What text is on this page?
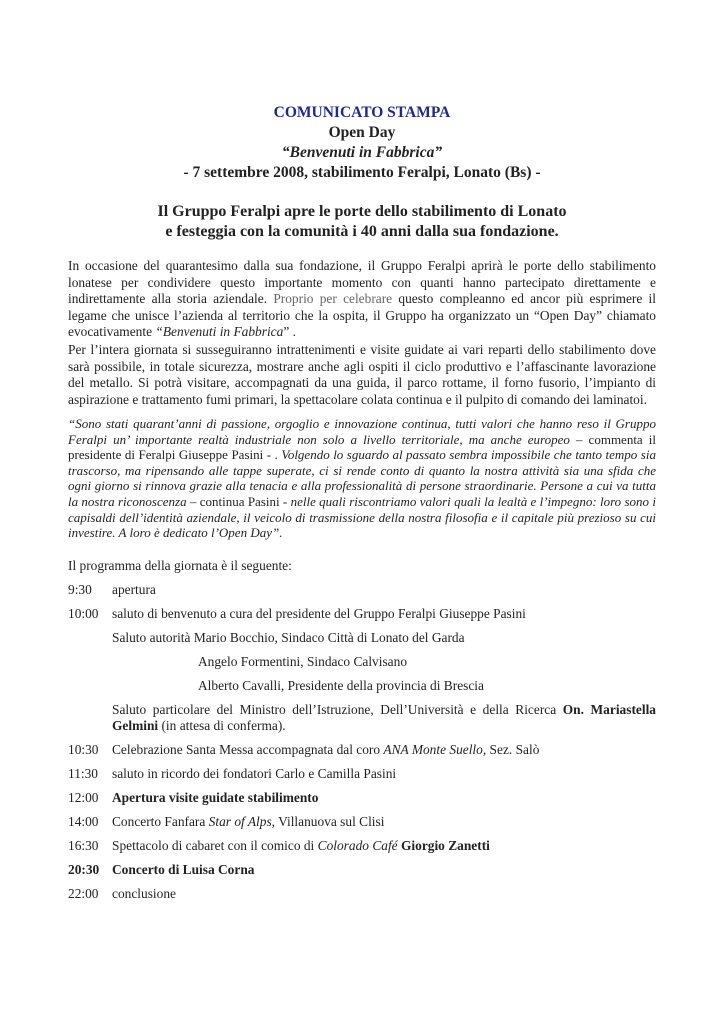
COMUNICATO STAMPA
Open Day
“Benvenuti in Fabbrica”
- 7 settembre 2008, stabilimento Feralpi, Lonato (Bs) -
Il Gruppo Feralpi apre le porte dello stabilimento di Lonato
e festeggia con la comunità i 40 anni dalla sua fondazione.

In occasione del quarantesimo dalla sua fondazione, il Gruppo Feralpi aprirà le porte dello stabilimento lonatese per condividere questo importante momento con quanti hanno partecipato direttamente e indirettamente alla storia aziendale. Proprio per celebrare questo compleanno ed ancor più esprimere il legame che unisce l’azienda al territorio che la ospita, il Gruppo ha organizzato un “Open Day” chiamato evocativamente “Benvenuti in Fabbrica” .

Per l’intera giornata si susseguiranno intrattenimenti e visite guidate ai vari reparti dello stabilimento dove sarà possibile, in totale sicurezza, mostrare anche agli ospiti il ciclo produttivo e l’affascinante lavorazione del metallo. Si potrà visitare, accompagnati da una guida, il parco rottame, il forno fusorio, l’impianto di aspirazione e trattamento fumi primari, la spettacolare colata continua e il pulpito di comando dei laminatoi.

“Sono stati quarant’anni di passione, orgoglio e innovazione continua, tutti valori che hanno reso il Gruppo Feralpi un’ importante realtà industriale non solo a livello territoriale, ma anche europeo – commenta il presidente di Feralpi Giuseppe Pasini - . Volgendo lo sguardo al passato sembra impossibile che tanto tempo sia trascorso, ma ripensando alle tappe superate, ci si rende conto di quanto la nostra attività sia una sfida che ogni giorno si rinnova grazie alla tenacia e alla professionalità di persone straordinarie. Persone a cui va tutta la nostra riconoscenza – continua Pasini - nelle quali riscontriamo valori quali la lealtà e l’impegno: loro sono i capisaldi dell’identità aziendale, il veicolo di trasmissione della nostra filosofia e il capitale più prezioso su cui investire. A loro è dedicato l’Open Day”.

Il programma della giornata è il seguente:
9:30 apertura
10:00 saluto di benvenuto a cura del presidente del Gruppo Feralpi Giuseppe Pasini
Saluto autorità Mario Bocchio, Sindaco Città di Lonato del Garda
Angelo Formentini, Sindaco Calvisano
Alberto Cavalli, Presidente della provincia di Brescia
Saluto particolare del Ministro dell’Istruzione, Dell’Università e della Ricerca On. Mariastella Gelmini (in attesa di conferma).
10:30 Celebrazione Santa Messa accompagnata dal coro ANA Monte Suello, Sez. Salò
11:30 saluto in ricordo dei fondatori Carlo e Camilla Pasini
12:00 Apertura visite guidate stabilimento
14:00 Concerto Fanfara Star of Alps, Villanuova sul Clisi
16:30 Spettacolo di cabaret con il comico di Colorado Café Giorgio Zanetti
20:30 Concerto di Luisa Corna
22:00 conclusione
